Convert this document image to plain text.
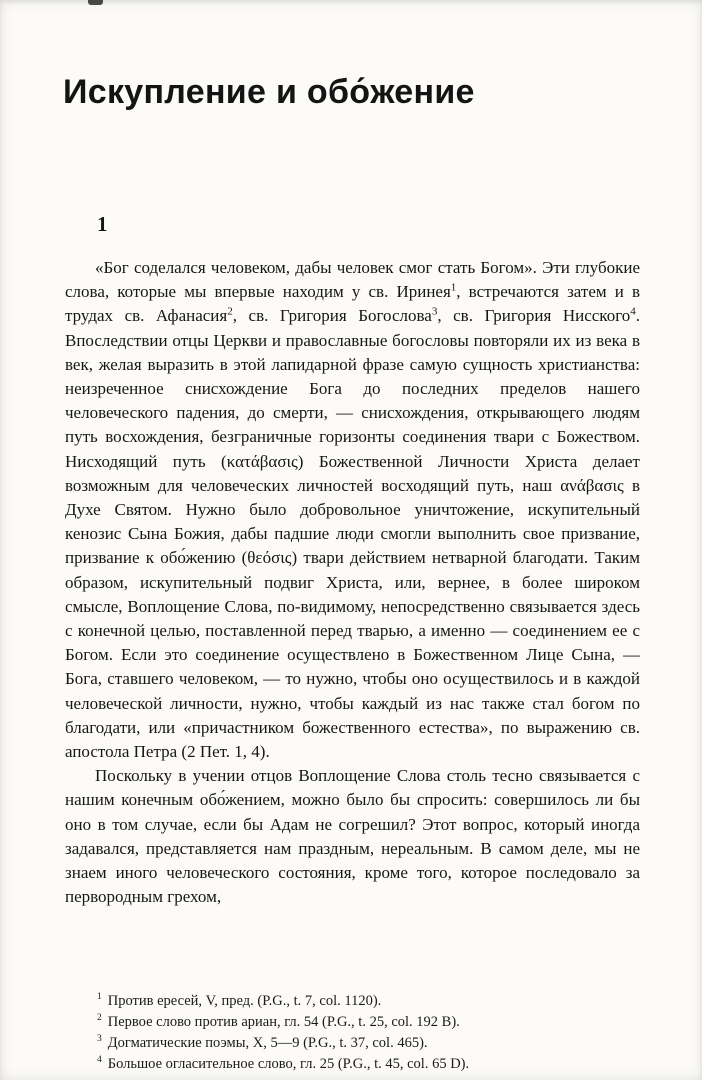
Искупление и обо́жение
1

«Бог соделался человеком, дабы человек смог стать Богом». Эти глубокие слова, которые мы впервые находим у св. Иринея$^1$, встречаются затем и в трудах св. Афанасия$^2$, св. Григория Богослова$^3$, св. Григория Нисского$^4$. Впоследствии отцы Церкви и православные богословы повторяли их из века в век, желая выразить в этой лапидарной фразе самую сущность христианства: неизреченное снисхождение Бога до последних пределов нашего человеческого падения, до смерти, — снисхождения, открывающего людям путь восхождения, безграничные горизонты соединения твари с Божеством. Нисходящий путь (κατάβασις) Божественной Личности Христа делает возможным для человеческих личностей восходящий путь, наш ανάβασις в Духе Святом. Нужно было добровольное уничтожение, искупительный кенозис Сына Божия, дабы падшие люди смогли выполнить свое призвание, призвание к обо́жению (θεόσις) твари действием нетварной благодати. Таким образом, искупительный подвиг Христа, или, вернее, в более широком смысле, Воплощение Слова, по-видимому, непосредственно связывается здесь с конечной целью, поставленной перед тварью, а именно — соединением ее с Богом. Если это соединение осуществлено в Божественном Лице Сына, — Бога, ставшего человеком, — то нужно, чтобы оно осуществилось и в каждой человеческой личности, нужно, чтобы каждый из нас также стал богом по благодати, или «причастником божественного естества», по выражению св. апостола Петра (2 Пет. 1, 4).

Поскольку в учении отцов Воплощение Слова столь тесно связывается с нашим конечным обо́жением, можно было бы спросить: совершилось ли бы оно в том случае, если бы Адам не согрешил? Этот вопрос, который иногда задавался, представляется нам праздным, нереальным. В самом деле, мы не знаем иного человеческого состояния, кроме того, которое последовало за первородным грехом,

$^1$ Против ересей, V, пред. (P.G., t. 7, col. 1120).
$^2$ Первое слово против ариан, гл. 54 (P.G., t. 25, col. 192 B).
$^3$ Догматические поэмы, X, 5—9 (P.G., t. 37, col. 465).
$^4$ Большое огласительное слово, гл. 25 (P.G., t. 45, col. 65 D).
